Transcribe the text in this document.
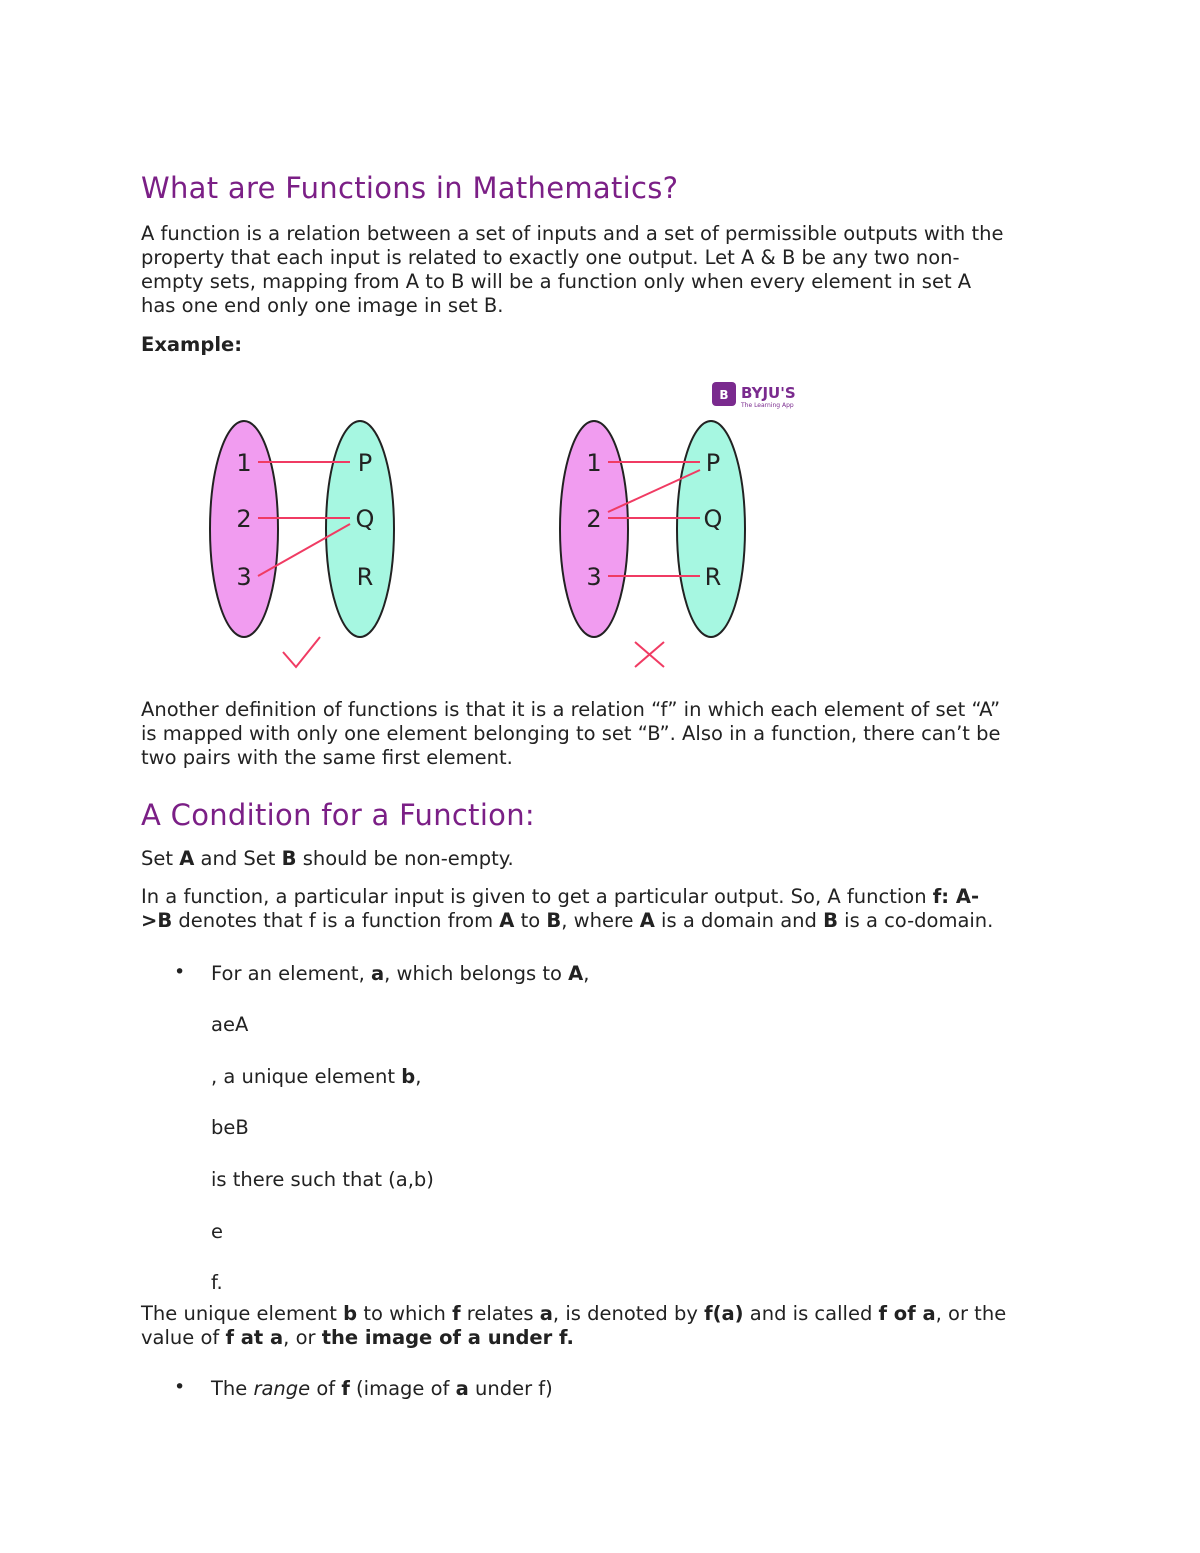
What are Functions in Mathematics?
A function is a relation between a set of inputs and a set of permissible outputs with the
property that each input is related to exactly one output. Let A & B be any two non-
empty sets, mapping from A to B will be a function only when every element in set A
has one end only one image in set B.
Example:
B BYJU'S
The Learning App
1
2
3
P
Q
R
1
2
3
P
Q
R
Another definition of functions is that it is a relation “f” in which each element of set “A”
is mapped with only one element belonging to set “B”. Also in a function, there can’t be
two pairs with the same first element.
A Condition for a Function:
Set A and Set B should be non-empty.
In a function, a particular input is given to get a particular output. So, A function f: A-
>B denotes that f is a function from A to B, where A is a domain and B is a co-domain.
• For an element, a, which belongs to A,
aeA
, a unique element b,
beB
is there such that (a,b)
e
f.
The unique element b to which f relates a, is denoted by f(a) and is called f of a, or the
value of f at a, or the image of a under f.
• The range of f (image of a under f)
